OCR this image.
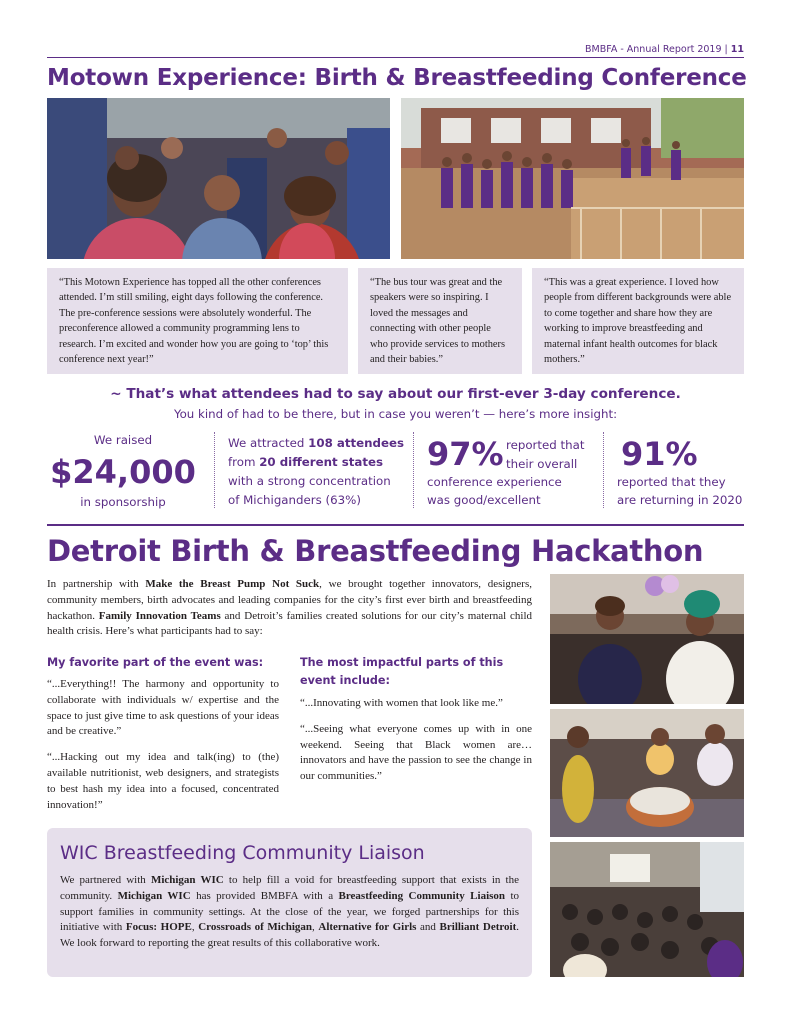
BMBFA - Annual Report 2019 | 11
Motown Experience: Birth & Breastfeeding Conference
“This Motown Experience has topped all the other conferences attended. I’m still smiling, eight days following the conference. The pre-conference sessions were absolutely wonderful. The preconference allowed a community programming lens to research. I’m excited and wonder how you are going to ‘top’ this conference next year!”
“The bus tour was great and the speakers were so inspiring. I loved the messages and connecting with other people who provide services to mothers and their babies.”
“This was a great experience. I loved how people from different backgrounds were able to come together and share how they are working to improve breastfeeding and maternal infant health outcomes for black mothers.”
~ That’s what attendees had to say about our first-ever 3-day conference.
You kind of had to be there, but in case you weren’t — here’s more insight:
We raised
$24,000
in sponsorship
We attracted 108 attendees
from 20 different states
with a strong concentration
of Michiganders (63%)
97% reported that
their overall
conference experience
was good/excellent
91%
reported that they
are returning in 2020
Detroit Birth & Breastfeeding Hackathon
In partnership with Make the Breast Pump Not Suck, we brought together innovators, designers, community members, birth advocates and leading companies for the city’s first ever birth and breastfeeding hackathon. Family Innovation Teams and Detroit’s families created solutions for our city’s maternal child health crisis. Here’s what participants had to say:
My favorite part of the event was:
“...Everything!! The harmony and opportunity to collaborate with individuals w/ expertise and the space to just give time to ask questions of your ideas and be creative.”
“...Hacking out my idea and talk(ing) to (the) available nutritionist, web designers, and strategists to best hash my idea into a focused, concentrated innovation!”
The most impactful parts of this event include:
“...Innovating with women that look like me.”
“...Seeing what everyone comes up with in one weekend. Seeing that Black women are… innovators and have the passion to see the change in our communities.”
WIC Breastfeeding Community Liaison
We partnered with Michigan WIC to help fill a void for breastfeeding support that exists in the community. Michigan WIC has provided BMBFA with a Breastfeeding Community Liaison to support families in community settings. At the close of the year, we forged partnerships for this initiative with Focus: HOPE, Crossroads of Michigan, Alternative for Girls and Brilliant Detroit. We look forward to reporting the great results of this collaborative work.
